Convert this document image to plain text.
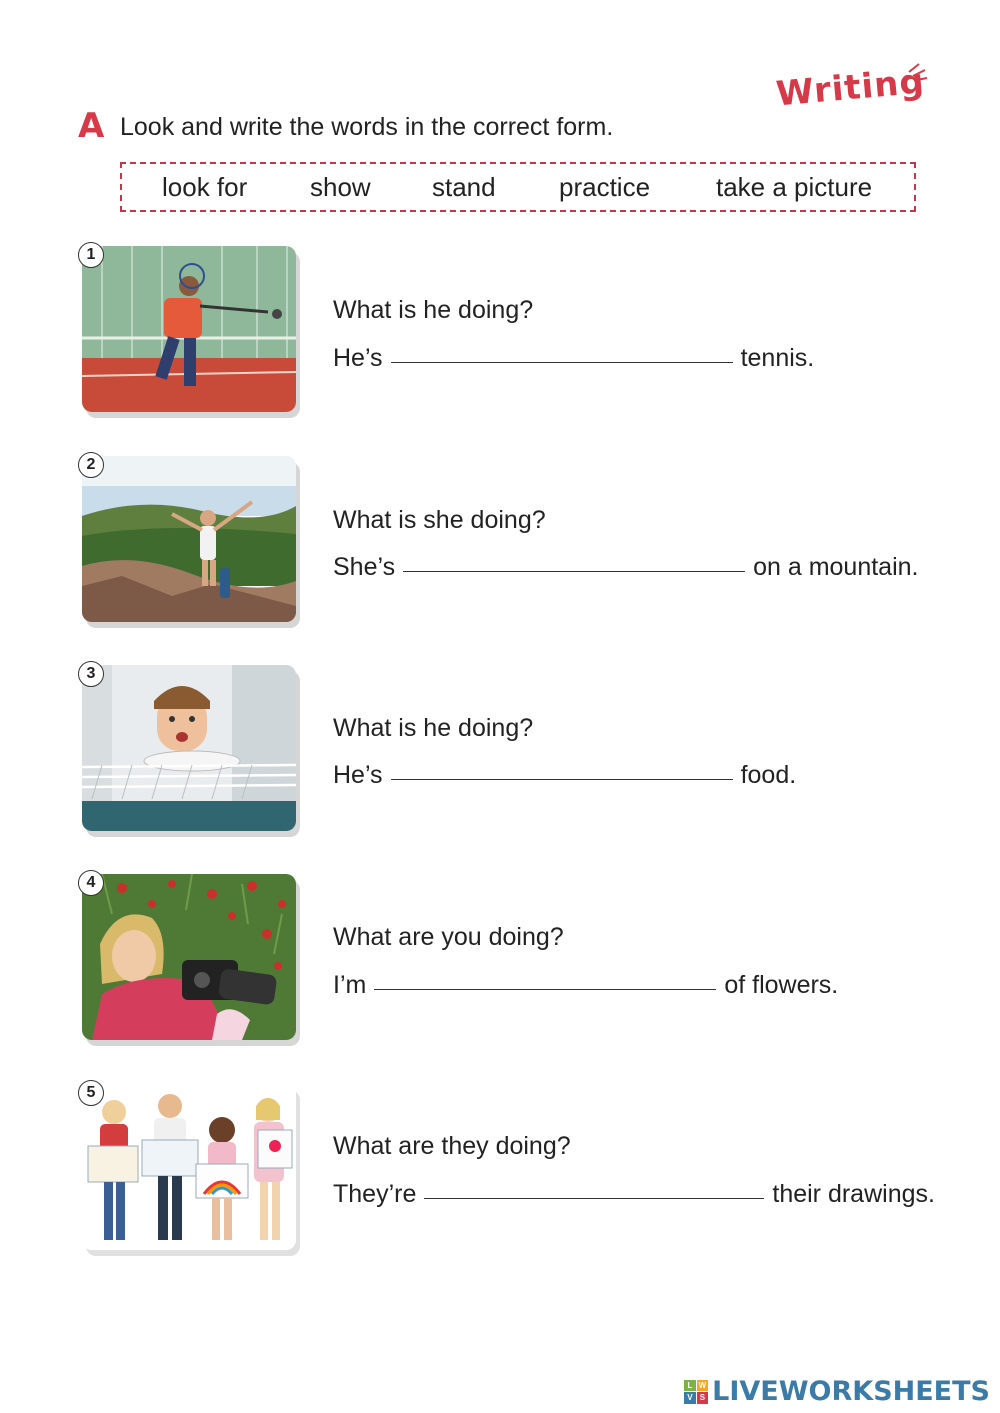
Writing
A Look and write the words in the correct form.
look for show stand practice	take a picture
1
What is he doing?
He’s	tennis.
2
What is she doing?
She’s	on a mountain.
3
What is he doing?
He’s	food.
4
What are you doing?
I’m	of flowers.
5
What are they doing?
They’re	their drawings.
L W
V S LIVEWORKSHEETS
